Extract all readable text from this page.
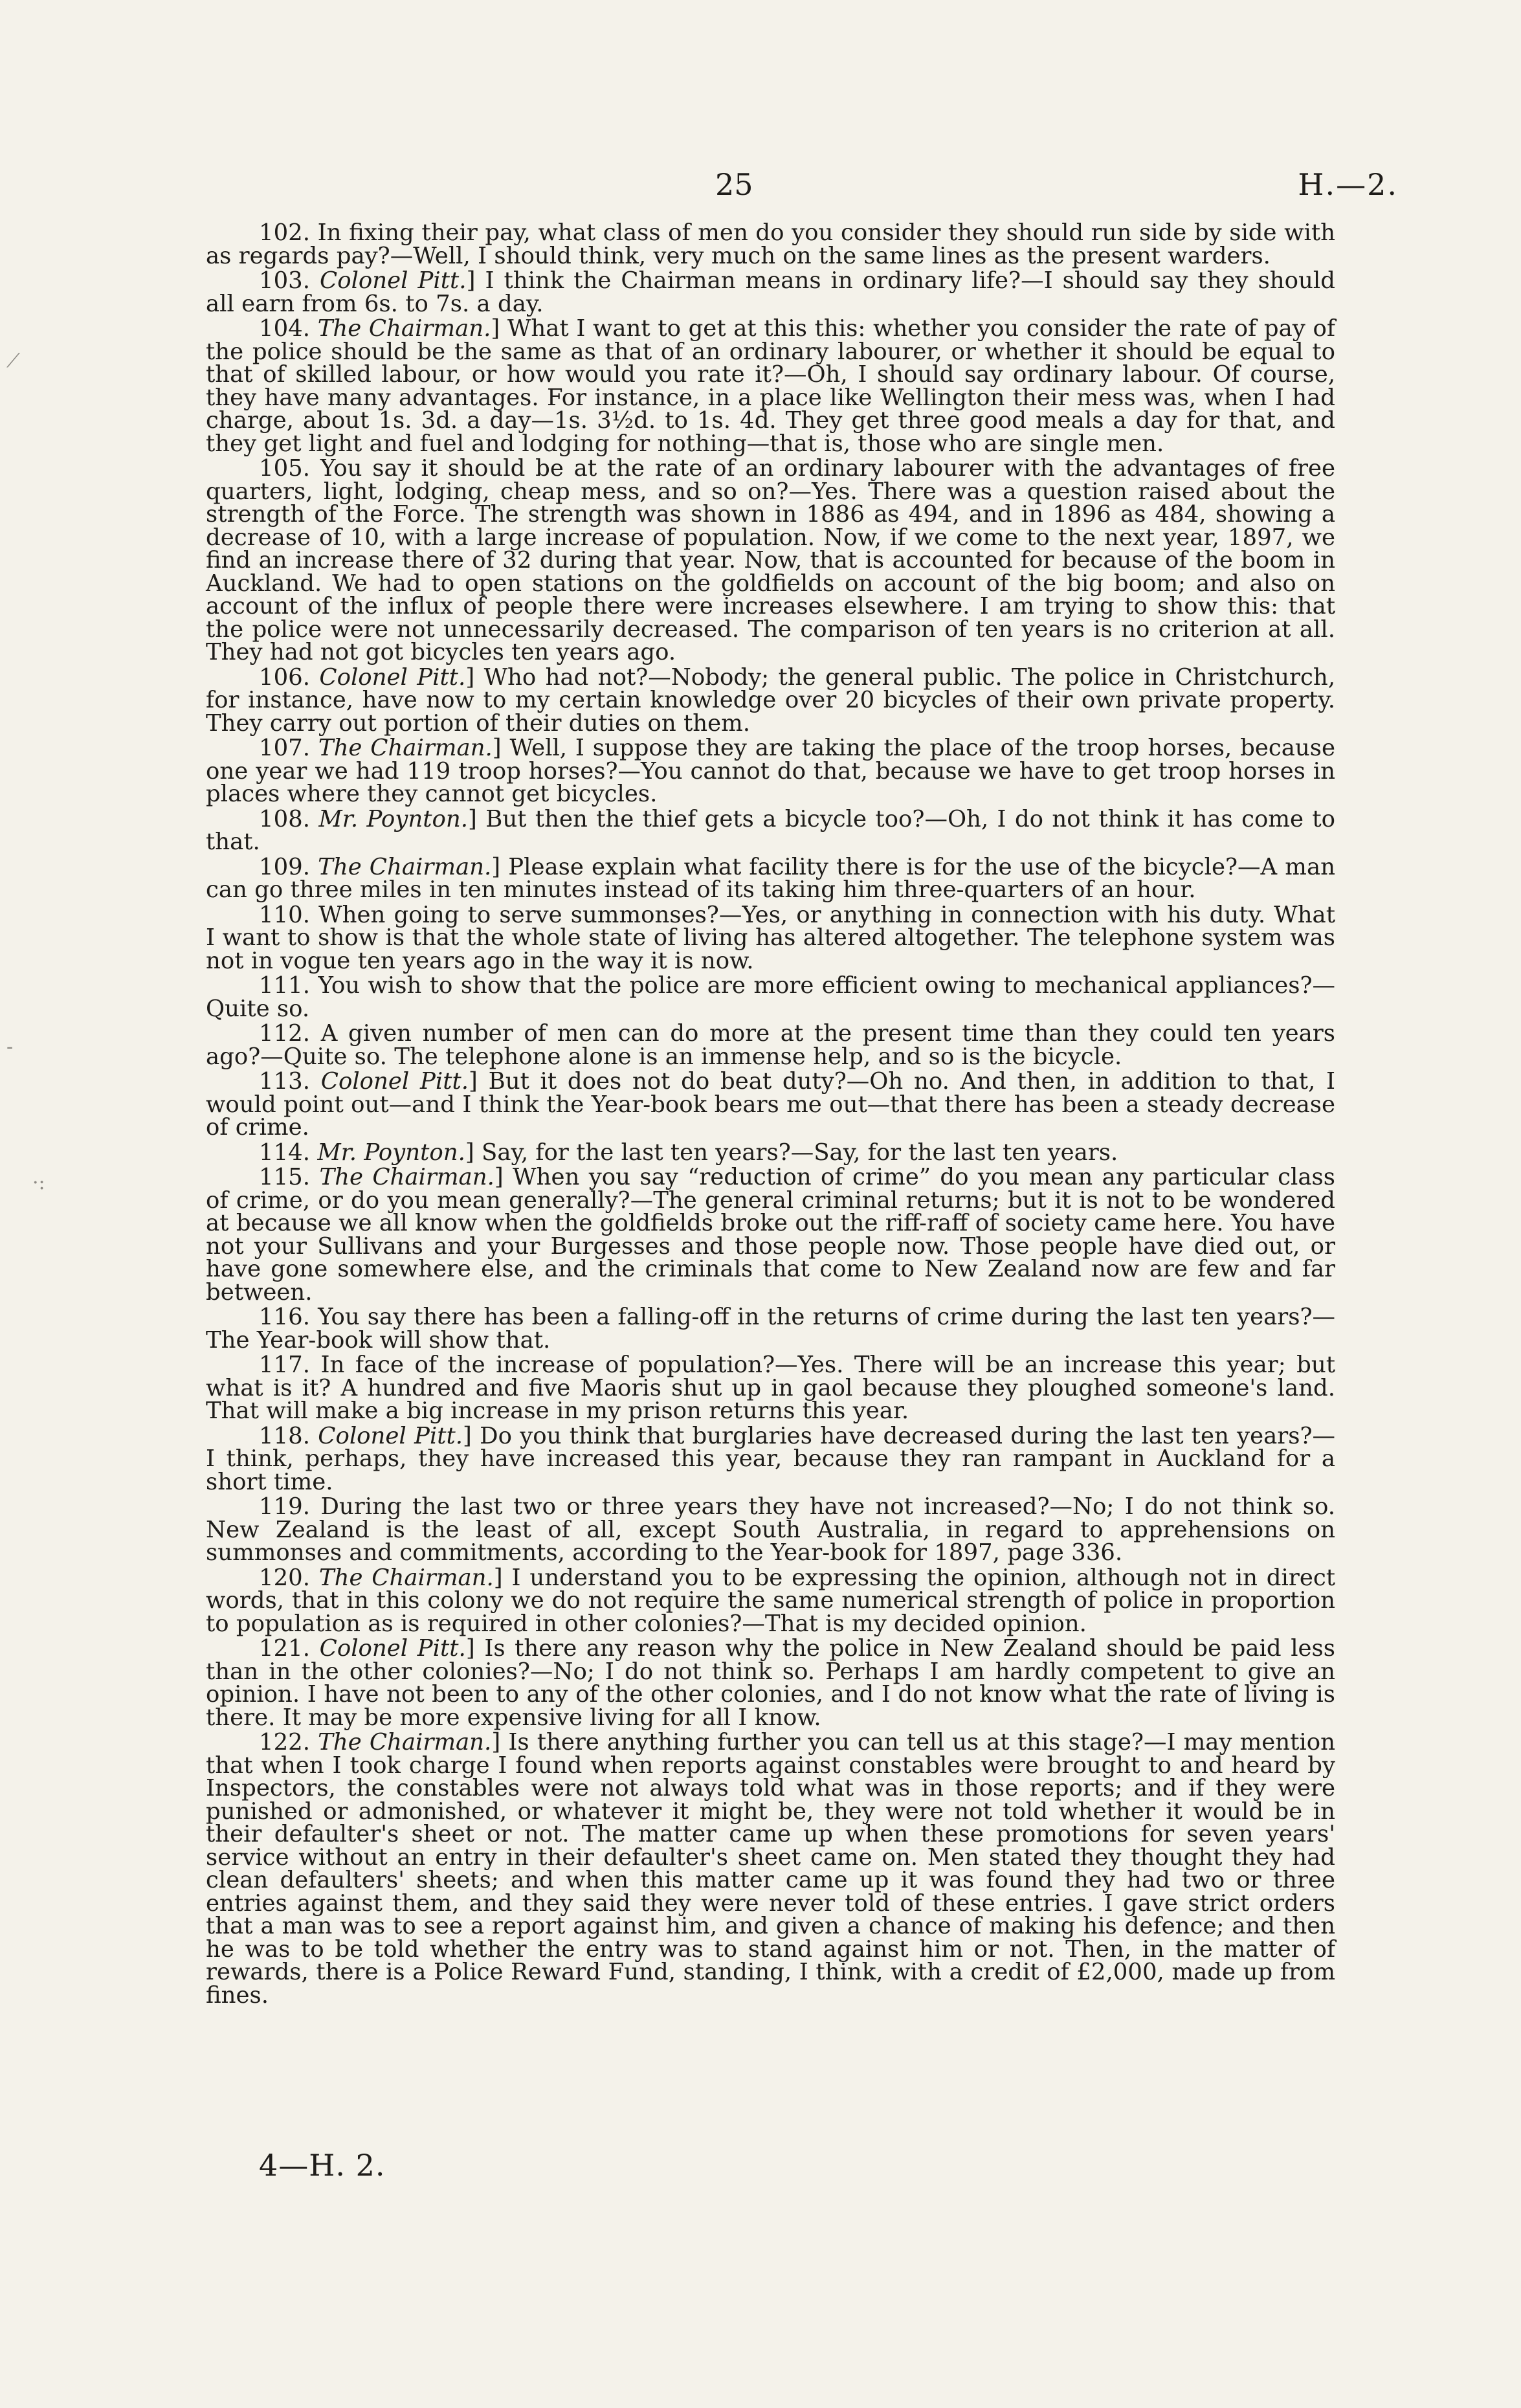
25	H.—2.
⟋
-
·:

102. In fixing their pay, what class of men do you consider they should run side by side with as regards pay?—Well, I should think, very much on the same lines as the present warders.

103. Colonel Pitt.] I think the Chairman means in ordinary life?—I should say they should all earn from 6s. to 7s. a day.

104. The Chairman.] What I want to get at this this: whether you consider the rate of pay of the police should be the same as that of an ordinary labourer, or whether it should be equal to that of skilled labour, or how would you rate it?—Oh, I should say ordinary labour. Of course, they have many advantages. For instance, in a place like Wellington their mess was, when I had charge, about 1s. 3d. a day—1s. 3½d. to 1s. 4d. They get three good meals a day for that, and they get light and fuel and lodging for nothing—that is, those who are single men.

105. You say it should be at the rate of an ordinary labourer with the advantages of free quarters, light, lodging, cheap mess, and so on?—Yes. There was a question raised about the strength of the Force. The strength was shown in 1886 as 494, and in 1896 as 484, showing a decrease of 10, with a large increase of population. Now, if we come to the next year, 1897, we find an increase there of 32 during that year. Now, that is accounted for because of the boom in Auckland. We had to open stations on the goldfields on account of the big boom; and also on account of the influx of people there were increases elsewhere. I am trying to show this: that the police were not unnecessarily decreased. The comparison of ten years is no criterion at all. They had not got bicycles ten years ago.

106. Colonel Pitt.] Who had not?—Nobody; the general public. The police in Christchurch, for instance, have now to my certain knowledge over 20 bicycles of their own private property. They carry out portion of their duties on them.

107. The Chairman.] Well, I suppose they are taking the place of the troop horses, because one year we had 119 troop horses?—You cannot do that, because we have to get troop horses in places where they cannot get bicycles.

108. Mr. Poynton.] But then the thief gets a bicycle too?—Oh, I do not think it has come to that.

109. The Chairman.] Please explain what facility there is for the use of the bicycle?—A man can go three miles in ten minutes instead of its taking him three-quarters of an hour.

110. When going to serve summonses?—Yes, or anything in connection with his duty. What I want to show is that the whole state of living has altered altogether. The telephone system was not in vogue ten years ago in the way it is now.

111. You wish to show that the police are more efficient owing to mechanical appliances?—Quite so.

112. A given number of men can do more at the present time than they could ten years ago?—Quite so. The telephone alone is an immense help, and so is the bicycle.

113. Colonel Pitt.] But it does not do beat duty?—Oh no. And then, in addition to that, I would point out—and I think the Year-book bears me out—that there has been a steady decrease of crime.

114. Mr. Poynton.] Say, for the last ten years?—Say, for the last ten years.

115. The Chairman.] When you say “reduction of crime” do you mean any particular class of crime, or do you mean generally?—The general criminal returns; but it is not to be wondered at because we all know when the goldfields broke out the riff-raff of society came here. You have not your Sullivans and your Burgesses and those people now. Those people have died out, or have gone somewhere else, and the criminals that come to New Zealand now are few and far between.

116. You say there has been a falling-off in the returns of crime during the last ten years?—The Year-book will show that.

117. In face of the increase of population?—Yes. There will be an increase this year; but what is it? A hundred and five Maoris shut up in gaol because they ploughed someone's land. That will make a big increase in my prison returns this year.

118. Colonel Pitt.] Do you think that burglaries have decreased during the last ten years?—I think, perhaps, they have increased this year, because they ran rampant in Auckland for a short time.

119. During the last two or three years they have not increased?—No; I do not think so. New Zealand is the least of all, except South Australia, in regard to apprehensions on summonses and commitments, according to the Year-book for 1897, page 336.

120. The Chairman.] I understand you to be expressing the opinion, although not in direct words, that in this colony we do not require the same numerical strength of police in proportion to population as is required in other colonies?—That is my decided opinion.

121. Colonel Pitt.] Is there any reason why the police in New Zealand should be paid less than in the other colonies?—No; I do not think so. Perhaps I am hardly competent to give an opinion. I have not been to any of the other colonies, and I do not know what the rate of living is there. It may be more expensive living for all I know.

122. The Chairman.] Is there anything further you can tell us at this stage?—I may mention that when I took charge I found when reports against constables were brought to and heard by Inspectors, the constables were not always told what was in those reports; and if they were punished or admonished, or whatever it might be, they were not told whether it would be in their defaulter's sheet or not. The matter came up when these promotions for seven years' service without an entry in their defaulter's sheet came on. Men stated they thought they had clean defaulters' sheets; and when this matter came up it was found they had two or three entries against them, and they said they were never told of these entries. I gave strict orders that a man was to see a report against him, and given a chance of making his defence; and then he was to be told whether the entry was to stand against him or not. Then, in the matter of rewards, there is a Police Reward Fund, standing, I think, with a credit of £2,000, made up from fines.

4—H. 2.
